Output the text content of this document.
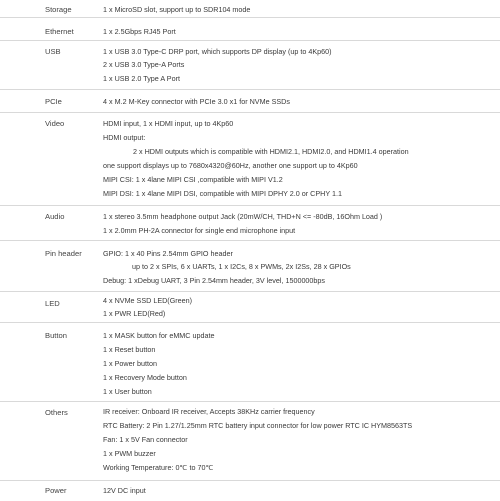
Storage	1 x MicroSD slot, support up to SDR104 mode
Ethernet	1 x 2.5Gbps RJ45 Port
USB	1 x USB 3.0 Type-C DRP port, which supports DP display (up to 4Kp60)
2 x USB 3.0 Type-A Ports
1 x USB 2.0 Type A Port
PCIe	4 x M.2 M-Key connector with PCIe 3.0 x1 for NVMe SSDs
Video	HDMI input, 1 x HDMI input, up to 4Kp60
HDMI output:
2 x HDMI outputs which is compatible with HDMI2.1, HDMI2.0, and HDMI1.4 operation
one support displays up to 7680x4320@60Hz, another one support up to 4Kp60
MIPI CSI: 1 x 4lane MIPI CSI ,compatible with MIPI V1.2
MIPI DSI: 1 x 4lane MIPI DSI, compatible with MIPI DPHY 2.0 or CPHY 1.1
Audio	1 x stereo 3.5mm headphone output Jack (20mW/CH, THD+N <= -80dB, 16Ohm Load )
1 x 2.0mm PH-2A connector for single end microphone input
Pin header	GPIO: 1 x 40 Pins 2.54mm GPIO header
up to 2 x SPIs, 6 x UARTs, 1 x I2Cs, 8 x PWMs, 2x I2Ss, 28 x GPIOs
Debug: 1 xDebug UART, 3 Pin 2.54mm header, 3V level, 1500000bps
LED	4 x NVMe SSD LED(Green)
1 x PWR LED(Red)
Button	1 x MASK button for eMMC update
1 x Reset button
1 x Power button
1 x Recovery Mode button
1 x User button
Others	IR receiver: Onboard IR receiver, Accepts 38KHz carrier frequency
RTC Battery: 2 Pin 1.27/1.25mm RTC battery input connector for low power RTC IC HYM8563TS
Fan: 1 x 5V Fan connector
1 x PWM buzzer
Working Temperature: 0℃ to 70℃
Power	12V DC input
